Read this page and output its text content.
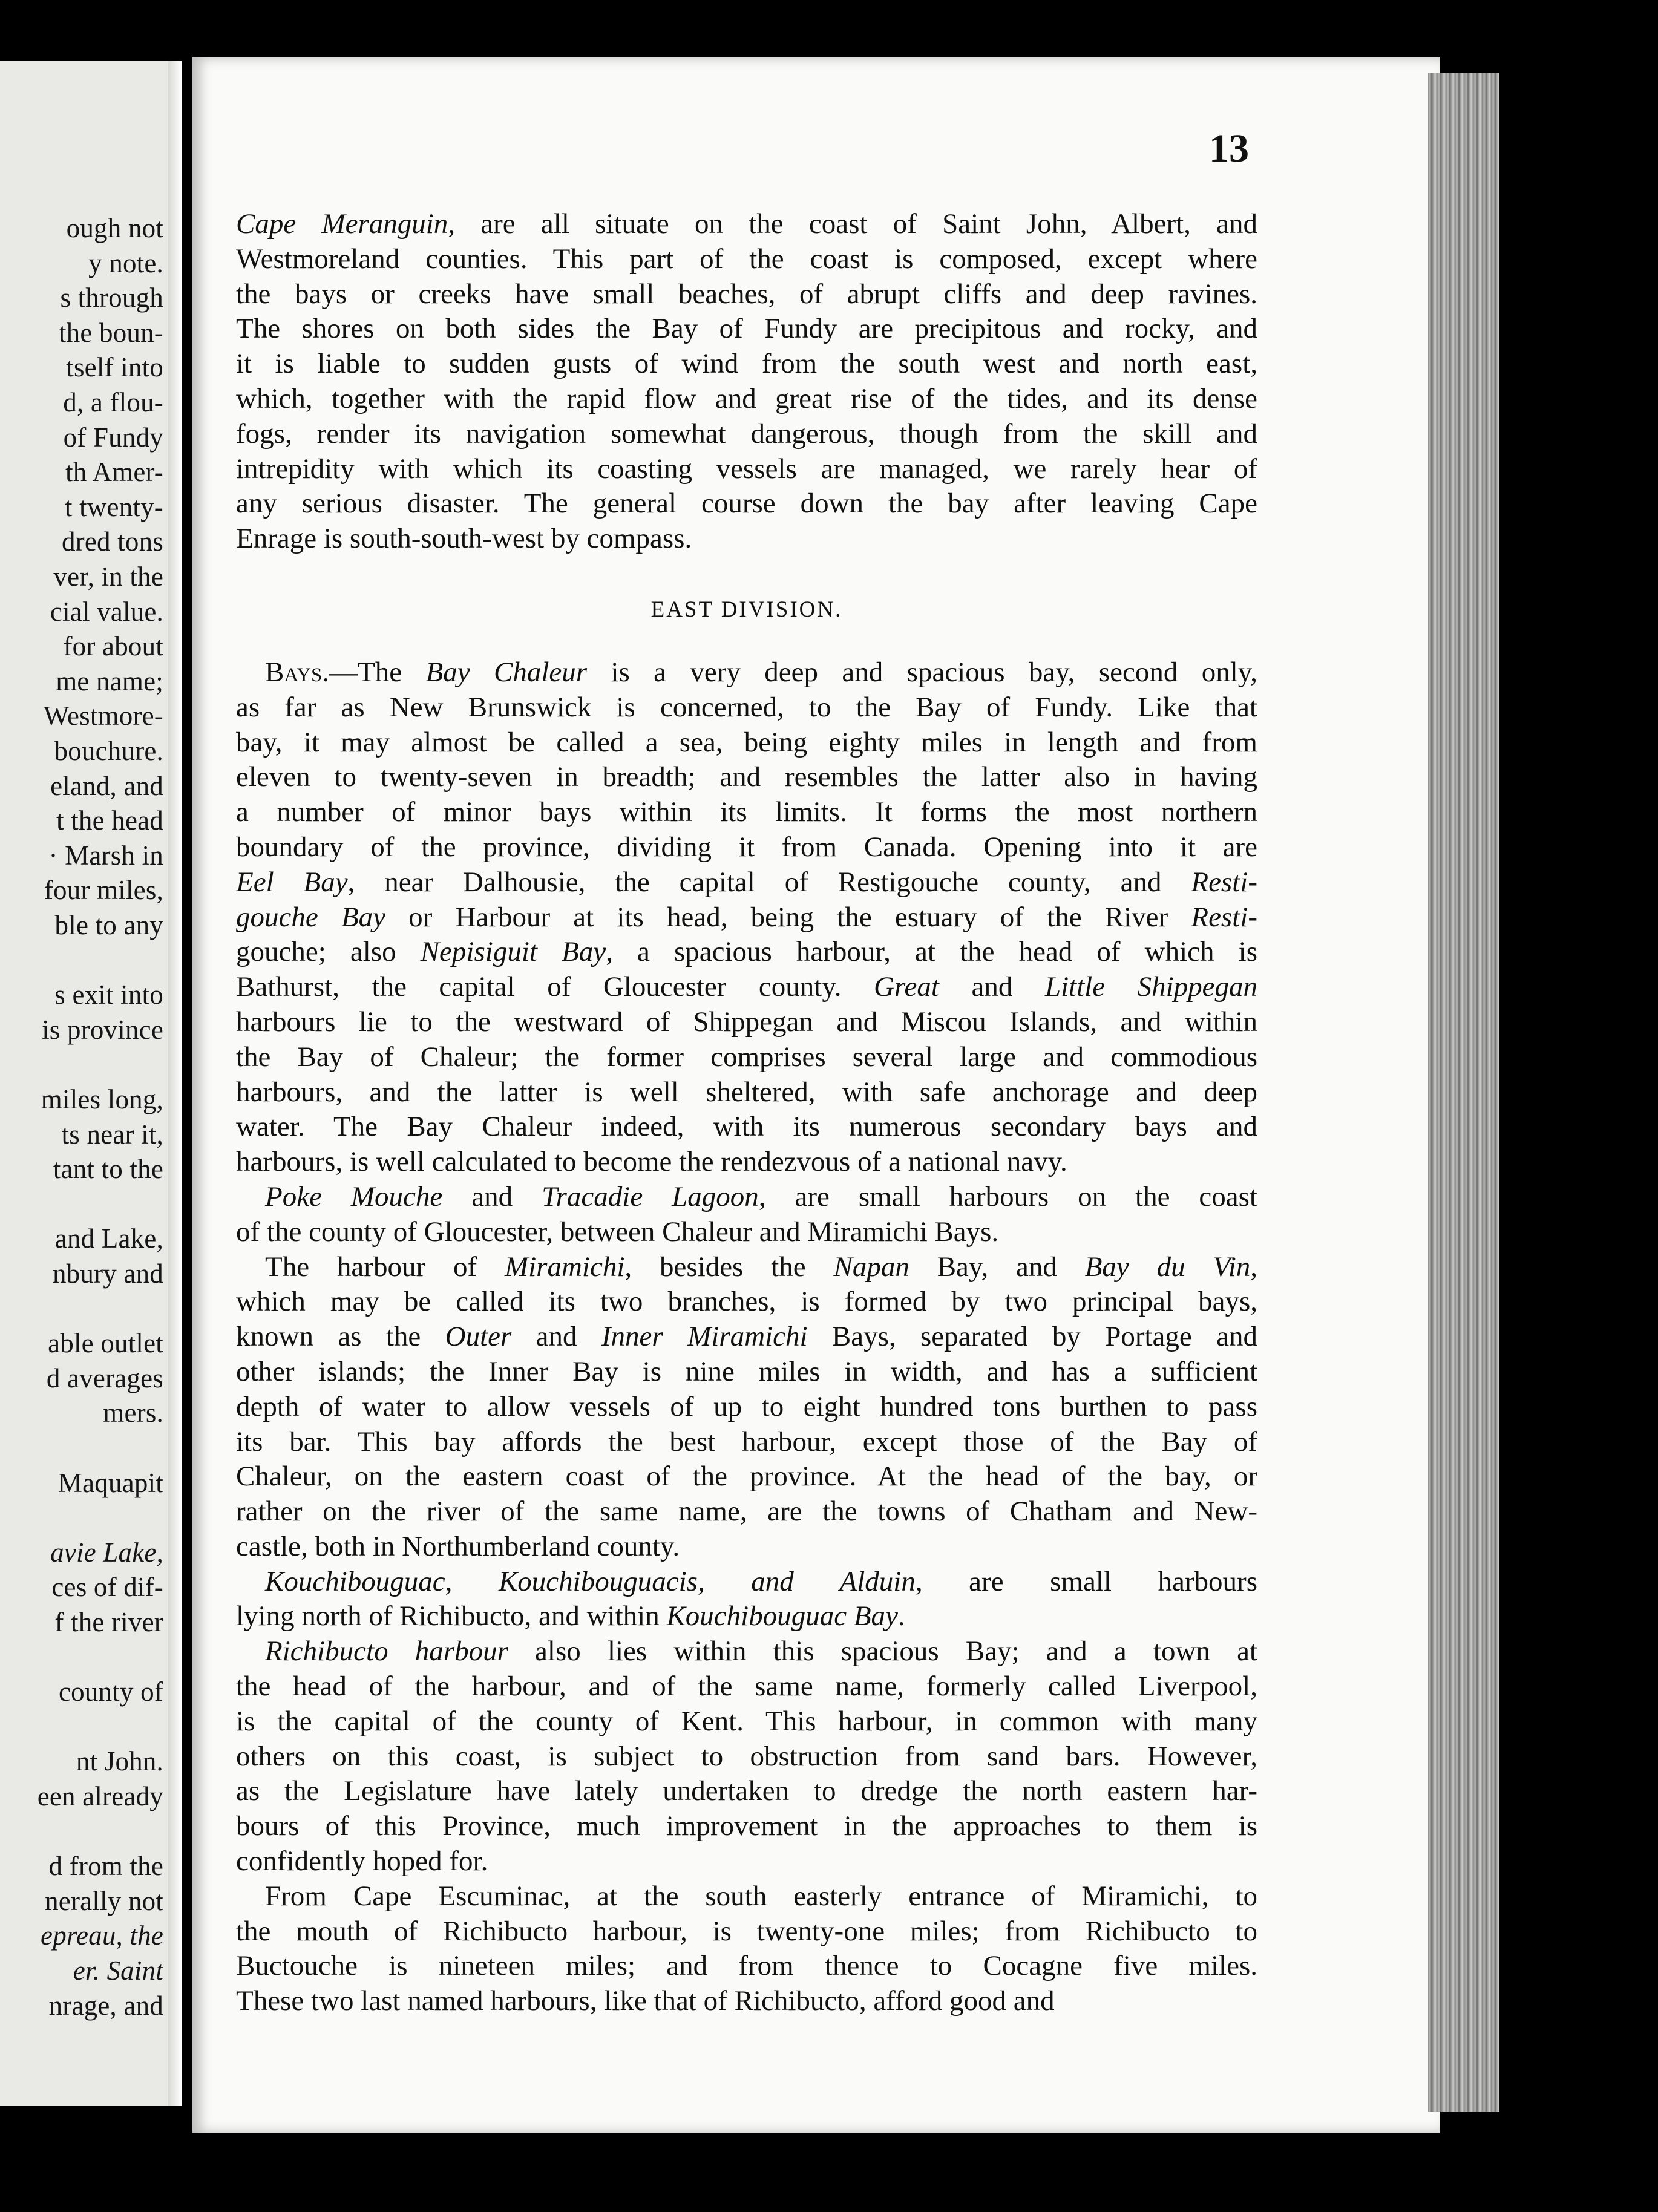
ough not
y note.
s through
the boun-
tself into
d, a flou-
of Fundy
th Amer-
t twenty-
dred tons
ver, in the
cial value.
for about
me name;
Westmore-
bouchure.
eland, and
t the head
· Marsh in
four miles,
ble to any
s exit into
is province
miles long,
ts near it,
tant to the
and Lake,
nbury and
able outlet
d averages
mers.
Maquapit
avie Lake,
ces of dif-
f the river
county of
nt John.
een already
d from the
nerally not
epreau, the
er. Saint
nrage, and
13
Cape Meranguin, are all situate on the coast of Saint John, Albert, and
Westmoreland counties. This part of the coast is composed, except where
the bays or creeks have small beaches, of abrupt cliffs and deep ravines.
The shores on both sides the Bay of Fundy are precipitous and rocky, and
it is liable to sudden gusts of wind from the south west and north east,
which, together with the rapid flow and great rise of the tides, and its dense
fogs, render its navigation somewhat dangerous, though from the skill and
intrepidity with which its coasting vessels are managed, we rarely hear of
any serious disaster. The general course down the bay after leaving Cape
Enrage is south-south-west by compass.
EAST DIVISION.
Bays.—The Bay Chaleur is a very deep and spacious bay, second only,
as far as New Brunswick is concerned, to the Bay of Fundy. Like that
bay, it may almost be called a sea, being eighty miles in length and from
eleven to twenty-seven in breadth; and resembles the latter also in having
a number of minor bays within its limits. It forms the most northern
boundary of the province, dividing it from Canada. Opening into it are
Eel Bay, near Dalhousie, the capital of Restigouche county, and Resti-
gouche Bay or Harbour at its head, being the estuary of the River Resti-
gouche; also Nepisiguit Bay, a spacious harbour, at the head of which is
Bathurst, the capital of Gloucester county. Great and Little Shippegan
harbours lie to the westward of Shippegan and Miscou Islands, and within
the Bay of Chaleur; the former comprises several large and commodious
harbours, and the latter is well sheltered, with safe anchorage and deep
water. The Bay Chaleur indeed, with its numerous secondary bays and
harbours, is well calculated to become the rendezvous of a national navy.
Poke Mouche and Tracadie Lagoon, are small harbours on the coast
of the county of Gloucester, between Chaleur and Miramichi Bays.
The harbour of Miramichi, besides the Napan Bay, and Bay du Vin,
which may be called its two branches, is formed by two principal bays,
known as the Outer and Inner Miramichi Bays, separated by Portage and
other islands; the Inner Bay is nine miles in width, and has a sufficient
depth of water to allow vessels of up to eight hundred tons burthen to pass
its bar. This bay affords the best harbour, except those of the Bay of
Chaleur, on the eastern coast of the province. At the head of the bay, or
rather on the river of the same name, are the towns of Chatham and New-
castle, both in Northumberland county.
Kouchibouguac, Kouchibouguacis, and Alduin, are small harbours
lying north of Richibucto, and within Kouchibouguac Bay.
Richibucto harbour also lies within this spacious Bay; and a town at
the head of the harbour, and of the same name, formerly called Liverpool,
is the capital of the county of Kent. This harbour, in common with many
others on this coast, is subject to obstruction from sand bars. However,
as the Legislature have lately undertaken to dredge the north eastern har-
bours of this Province, much improvement in the approaches to them is
confidently hoped for.
From Cape Escuminac, at the south easterly entrance of Miramichi, to
the mouth of Richibucto harbour, is twenty-one miles; from Richibucto to
Buctouche is nineteen miles; and from thence to Cocagne five miles.
These two last named harbours, like that of Richibucto, afford good and
